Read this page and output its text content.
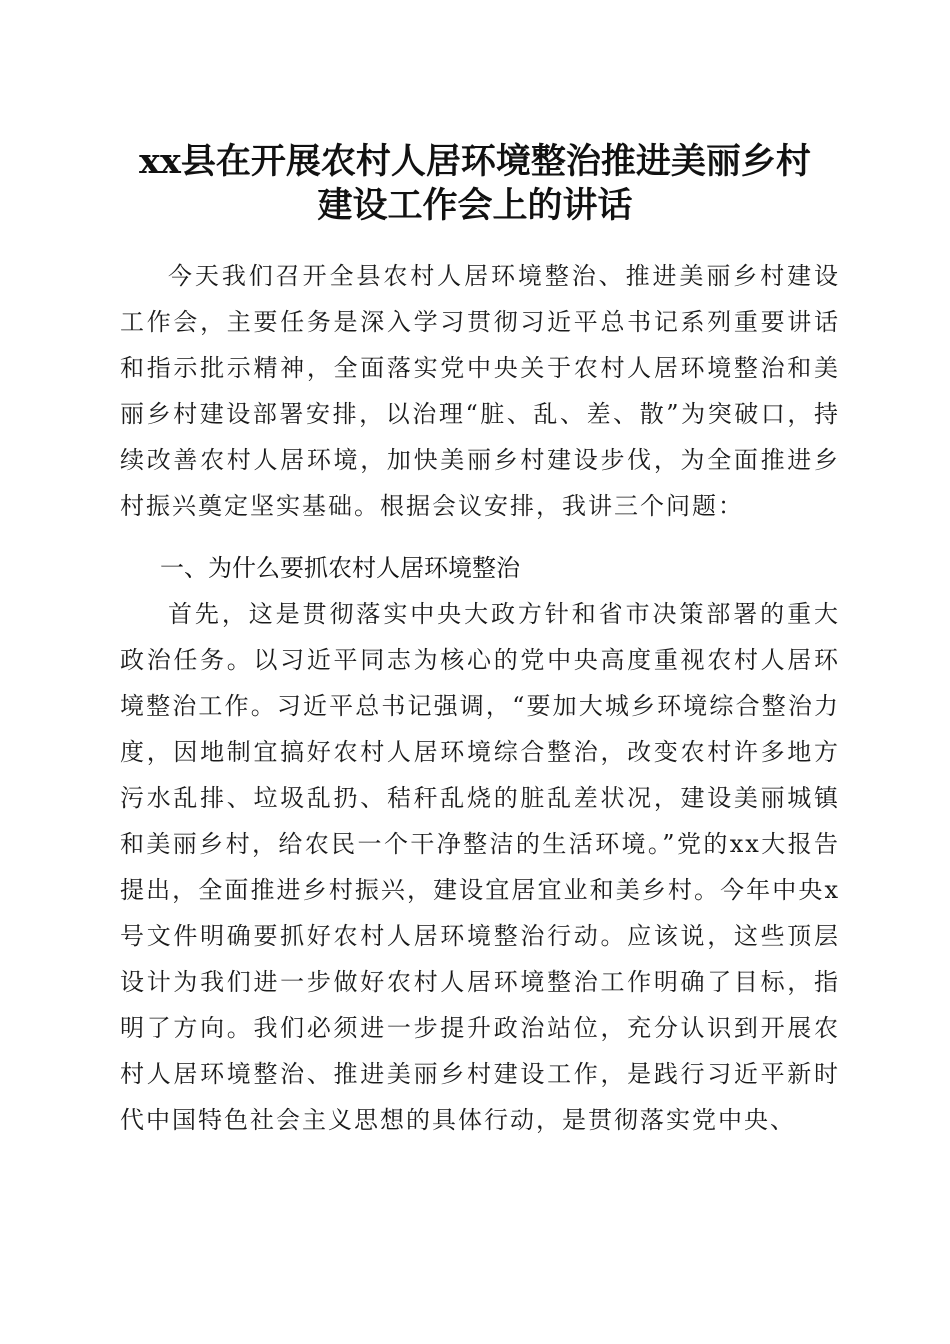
xx县在开展农村人居环境整治推进美丽乡村
建设工作会上的讲话

今天我们召开全县农村人居环境整治、推进美丽乡村建设工作会，主要任务是深入学习贯彻习近平总书记系列重要讲话和指示批示精神，全面落实党中央关于农村人居环境整治和美丽乡村建设部署安排，以治理“脏、乱、差、散”为突破口，持续改善农村人居环境，加快美丽乡村建设步伐，为全面推进乡村振兴奠定坚实基础。根据会议安排，我讲三个问题：

一、为什么要抓农村人居环境整治

首先，这是贯彻落实中央大政方针和省市决策部署的重大政治任务。以习近平同志为核心的党中央高度重视农村人居环境整治工作。习近平总书记强调，“要加大城乡环境综合整治力度，因地制宜搞好农村人居环境综合整治，改变农村许多地方污水乱排、垃圾乱扔、秸秆乱烧的脏乱差状况，建设美丽城镇和美丽乡村，给农民一个干净整洁的生活环境。”党的xx大报告提出，全面推进乡村振兴，建设宜居宜业和美乡村。今年中央x号文件明确要抓好农村人居环境整治行动。应该说，这些顶层设计为我们进一步做好农村人居环境整治工作明确了目标，指明了方向。我们必须进一步提升政治站位，充分认识到开展农村人居环境整治、推进美丽乡村建设工作，是践行习近平新时代中国特色社会主义思想的具体行动，是贯彻落实党中央、
